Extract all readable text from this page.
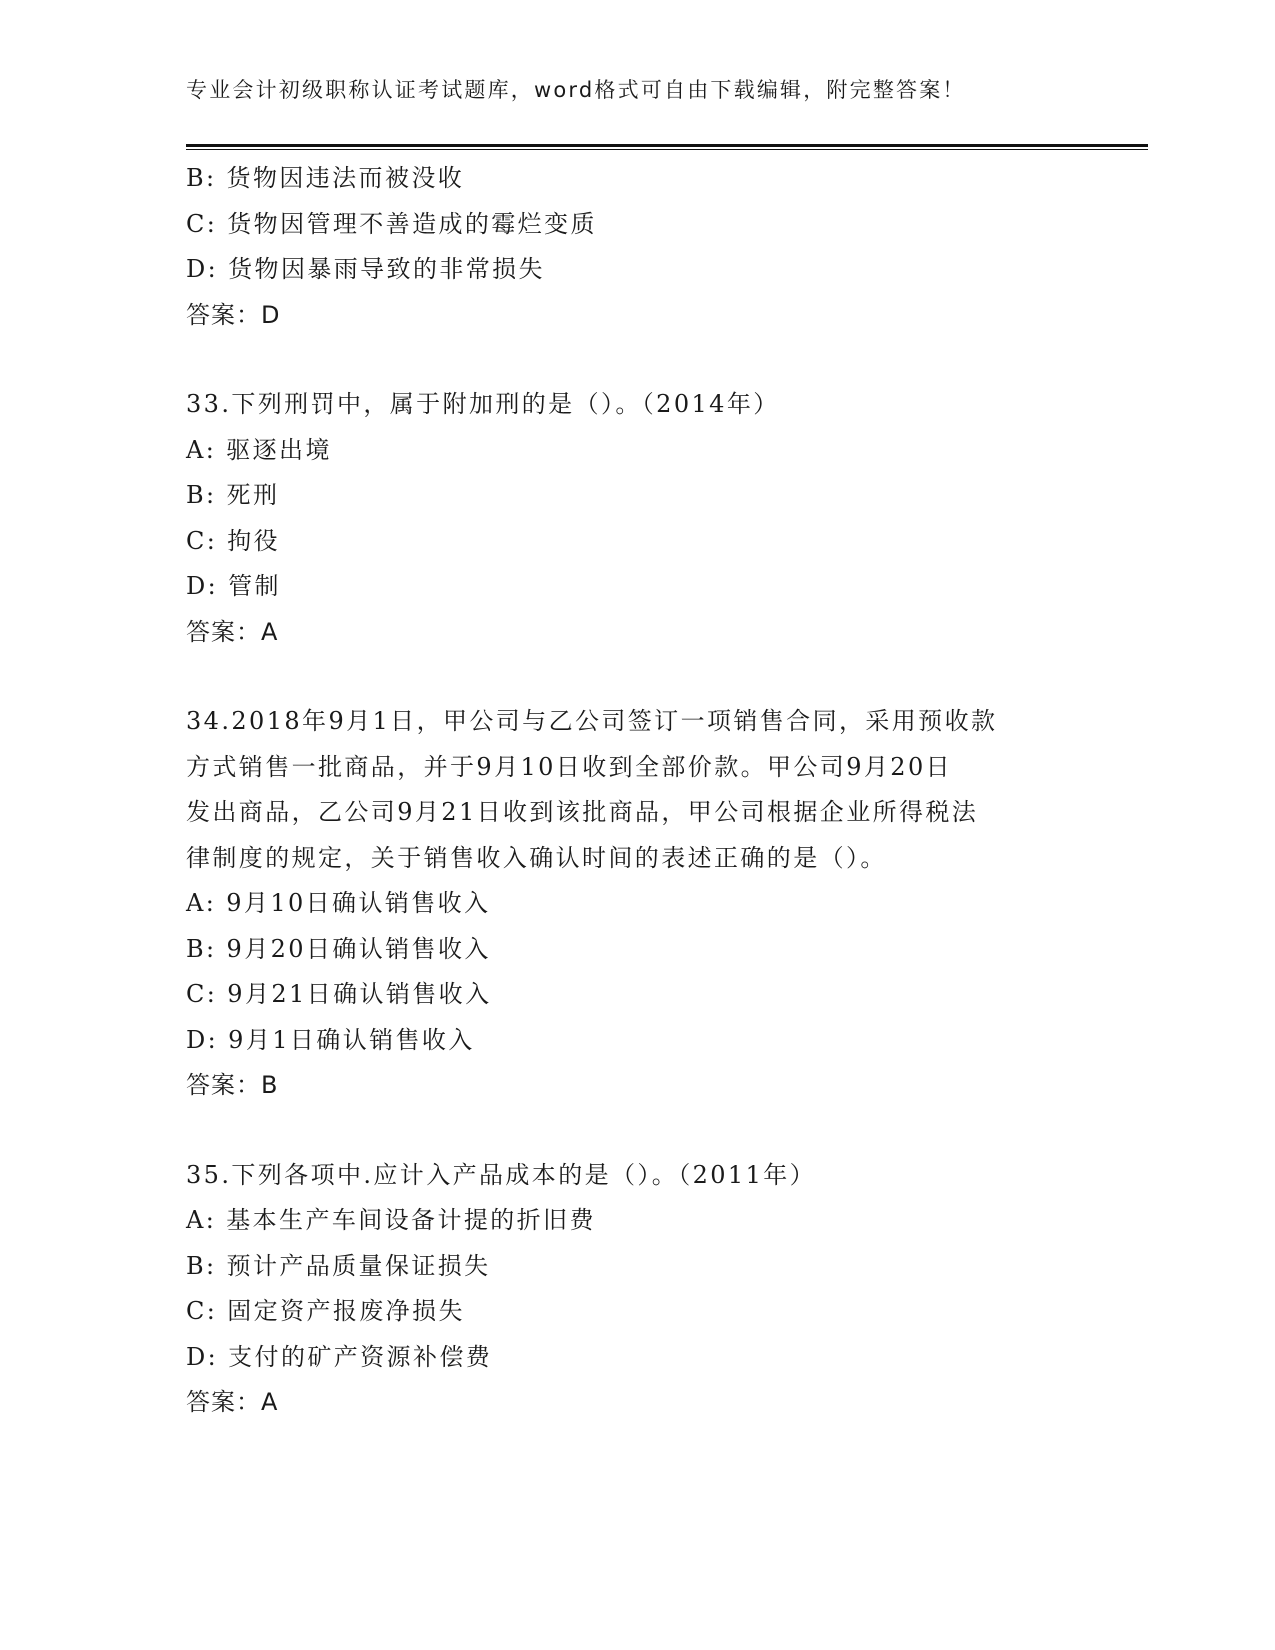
专业会计初级职称认证考试题库，word格式可自由下载编辑，附完整答案！
B: 货物因违法而被没收
C: 货物因管理不善造成的霉烂变质
D: 货物因暴雨导致的非常损失
答案：D
33.下列刑罚中，属于附加刑的是（）。（2014年）
A: 驱逐出境
B: 死刑
C: 拘役
D: 管制
答案：A
34.2018年9月1日，甲公司与乙公司签订一项销售合同，采用预收款
方式销售一批商品，并于9月10日收到全部价款。甲公司9月20日
发出商品，乙公司9月21日收到该批商品，甲公司根据企业所得税法
律制度的规定，关于销售收入确认时间的表述正确的是（）。
A: 9月10日确认销售收入
B: 9月20日确认销售收入
C: 9月21日确认销售收入
D: 9月1日确认销售收入
答案：B
35.下列各项中.应计入产品成本的是（）。（2011年）
A: 基本生产车间设备计提的折旧费
B: 预计产品质量保证损失
C: 固定资产报废净损失
D: 支付的矿产资源补偿费
答案：A
